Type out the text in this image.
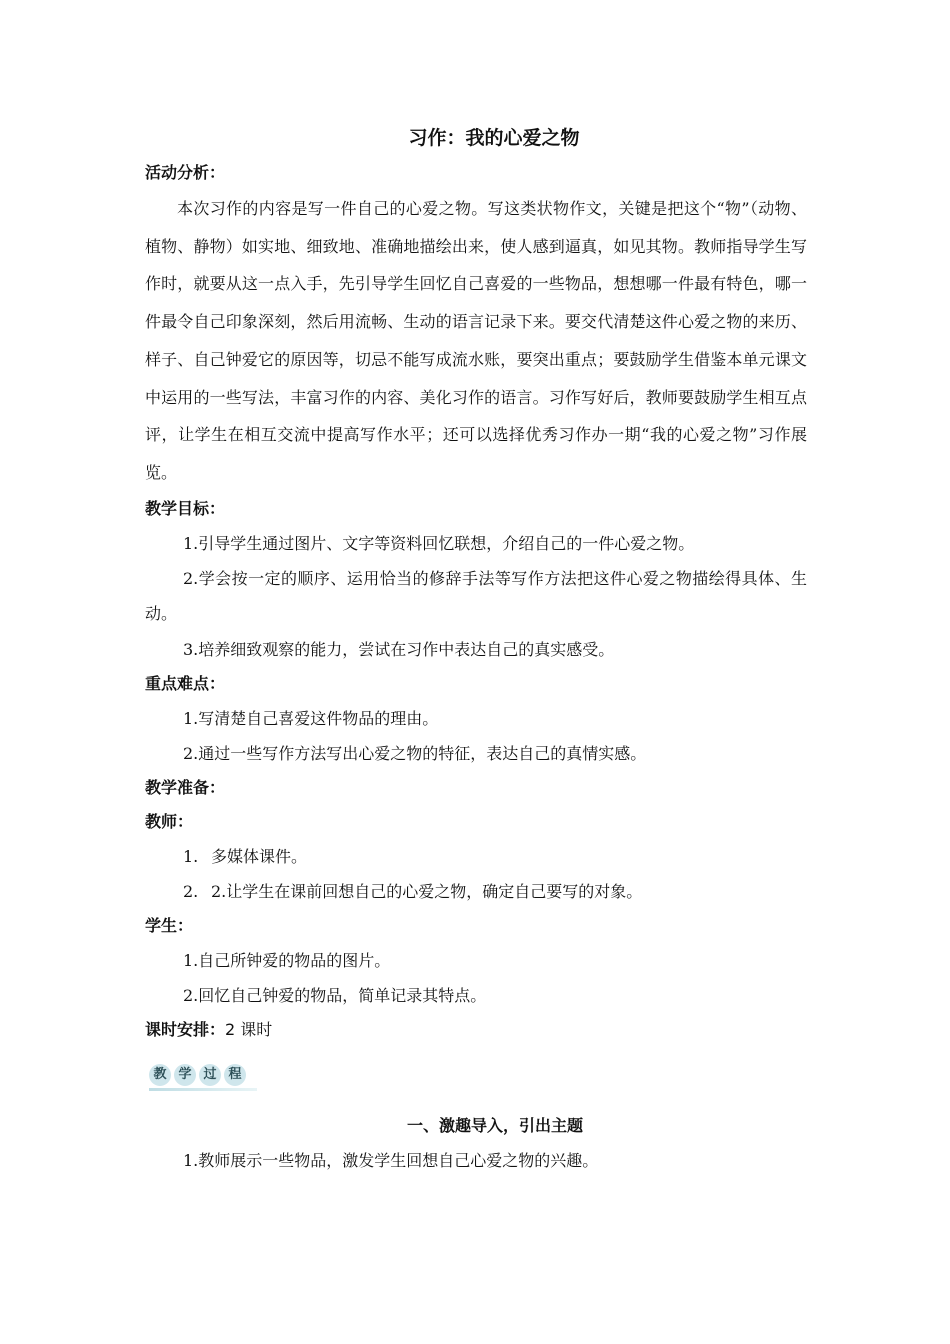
习作：我的心爱之物
活动分析：

本次习作的内容是写一件自己的心爱之物。写这类状物作文，关键是把这个“物”（动物、植物、静物）如实地、细致地、准确地描绘出来，使人感到逼真，如见其物。教师指导学生写作时，就要从这一点入手，先引导学生回忆自己喜爱的一些物品，想想哪一件最有特色，哪一件最令自己印象深刻，然后用流畅、生动的语言记录下来。要交代清楚这件心爱之物的来历、样子、自己钟爱它的原因等，切忌不能写成流水账，要突出重点；要鼓励学生借鉴本单元课文中运用的一些写法，丰富习作的内容、美化习作的语言。习作写好后，教师要鼓励学生相互点评，让学生在相互交流中提高写作水平；还可以选择优秀习作办一期“我的心爱之物”习作展览。

教学目标：
1.引导学生通过图片、文字等资料回忆联想，介绍自己的一件心爱之物。
2.学会按一定的顺序、运用恰当的修辞手法等写作方法把这件心爱之物描绘得具体、生动。
3.培养细致观察的能力，尝试在习作中表达自己的真实感受。
重点难点：
1.写清楚自己喜爱这件物品的理由。
2.通过一些写作方法写出心爱之物的特征，表达自己的真情实感。
教学准备：
教师：
1. 多媒体课件。
2. 2.让学生在课前回想自己的心爱之物，确定自己要写的对象。
学生：
1.自己所钟爱的物品的图片。
2.回忆自己钟爱的物品，简单记录其特点。
课时安排：2 课时
教 学 过 程
一、激趣导入，引出主题
1.教师展示一些物品，激发学生回想自己心爱之物的兴趣。
